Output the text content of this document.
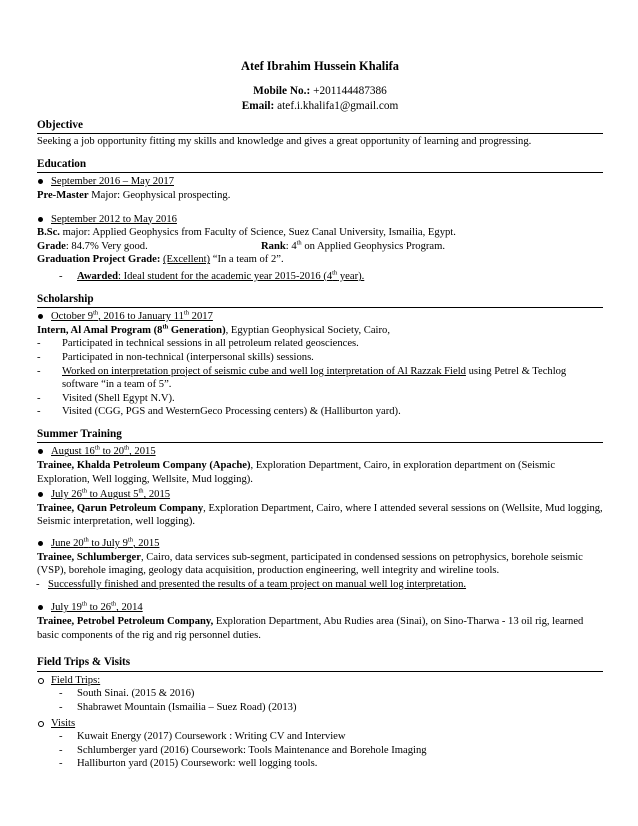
Atef Ibrahim Hussein Khalifa
Mobile No.: +201144487386
Email: atef.i.khalifa1@gmail.com
Objective
Seeking a job opportunity fitting my skills and knowledge and gives a great opportunity of learning and progressing.
Education
September 2016 – May 2017
Pre-Master Major: Geophysical prospecting.
September 2012 to May 2016
B.Sc. major: Applied Geophysics from Faculty of Science, Suez Canal University, Ismailia, Egypt.
Grade: 84.7% Very good.	Rank: 4th on Applied Geophysics Program.
Graduation Project Grade: (Excellent) “In a team of 2”.
-	Awarded: Ideal student for the academic year 2015-2016 (4th year).
Scholarship
October 9th, 2016 to January 11th 2017
Intern, Al Amal Program (8th Generation), Egyptian Geophysical Society, Cairo,
-	Participated in technical sessions in all petroleum related geosciences.
-	Participated in non-technical (interpersonal skills) sessions.
-	Worked on interpretation project of seismic cube and well log interpretation of Al Razzak Field using Petrel & Techlog software “in a team of 5”.
-	Visited (Shell Egypt N.V).
-	Visited (CGG, PGS and WesternGeco Processing centers) & (Halliburton yard).
Summer Training
August 16th to 20th, 2015
Trainee, Khalda Petroleum Company (Apache), Exploration Department, Cairo, in exploration department on (Seismic Exploration, Well logging, Wellsite, Mud logging).
July 26th to August 5th, 2015
Trainee, Qarun Petroleum Company, Exploration Department, Cairo, where I attended several sessions on (Wellsite, Mud logging, Seismic interpretation, well logging).
June 20th to July 9th, 2015
Trainee, Schlumberger, Cairo, data services sub-segment, participated in condensed sessions on petrophysics, borehole seismic (VSP), borehole imaging, geology data acquisition, production engineering, well integrity and wireline tools.
- Successfully finished and presented the results of a team project on manual well log interpretation.
July 19th to 26th, 2014
Trainee, Petrobel Petroleum Company, Exploration Department, Abu Rudies area (Sinai), on Sino-Tharwa - 13 oil rig, learned basic components of the rig and rig personnel duties.
Field Trips & Visits
Field Trips:
-	South Sinai. (2015 & 2016)
-	Shabrawet Mountain (Ismailia – Suez Road) (2013)
Visits
-	Kuwait Energy (2017) Coursework : Writing CV and Interview
-	Schlumberger yard (2016) Coursework: Tools Maintenance and Borehole Imaging
-	Halliburton yard (2015) Coursework: well logging tools.
